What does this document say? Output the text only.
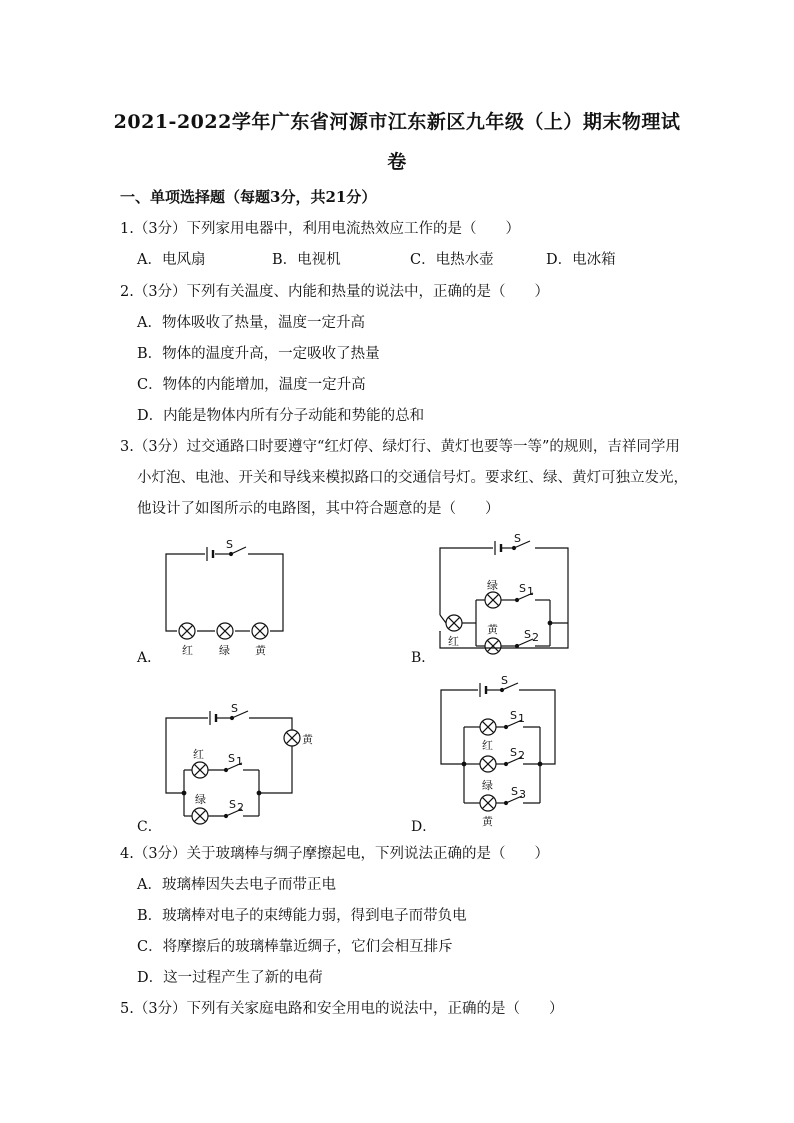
2021-2022学年广东省河源市江东新区九年级（上）期末物理试
卷
一、单项选择题（每题3分，共21分）
1.（3分）下列家用电器中，利用电流热效应工作的是（　　）
A．电风扇	B．电视机	C．电热水壶	D．电冰箱
2.（3分）下列有关温度、内能和热量的说法中，正确的是（　　）
A．物体吸收了热量，温度一定升高
B．物体的温度升高，一定吸收了热量
C．物体的内能增加，温度一定升高
D．内能是物体内所有分子动能和势能的总和
3.（3分）过交通路口时要遵守“红灯停、绿灯行、黄灯也要等一等”的规则，吉祥同学用
小灯泡、电池、开关和导线来模拟路口的交通信号灯。要求红、绿、黄灯可独立发光，
他设计了如图所示的电路图，其中符合题意的是（　　）
S
红 绿 黄
A．
S
绿 S 1
黄 S 2
红
B．
S
黄
红 S 1
绿 S 2
C．
S
S 1
红
S 2
绿 S 3
黄
D．
4.（3分）关于玻璃棒与绸子摩擦起电，下列说法正确的是（　　）
A．玻璃棒因失去电子而带正电
B．玻璃棒对电子的束缚能力弱，得到电子而带负电
C．将摩擦后的玻璃棒靠近绸子，它们会相互排斥
D．这一过程产生了新的电荷
5.（3分）下列有关家庭电路和安全用电的说法中，正确的是（　　）
